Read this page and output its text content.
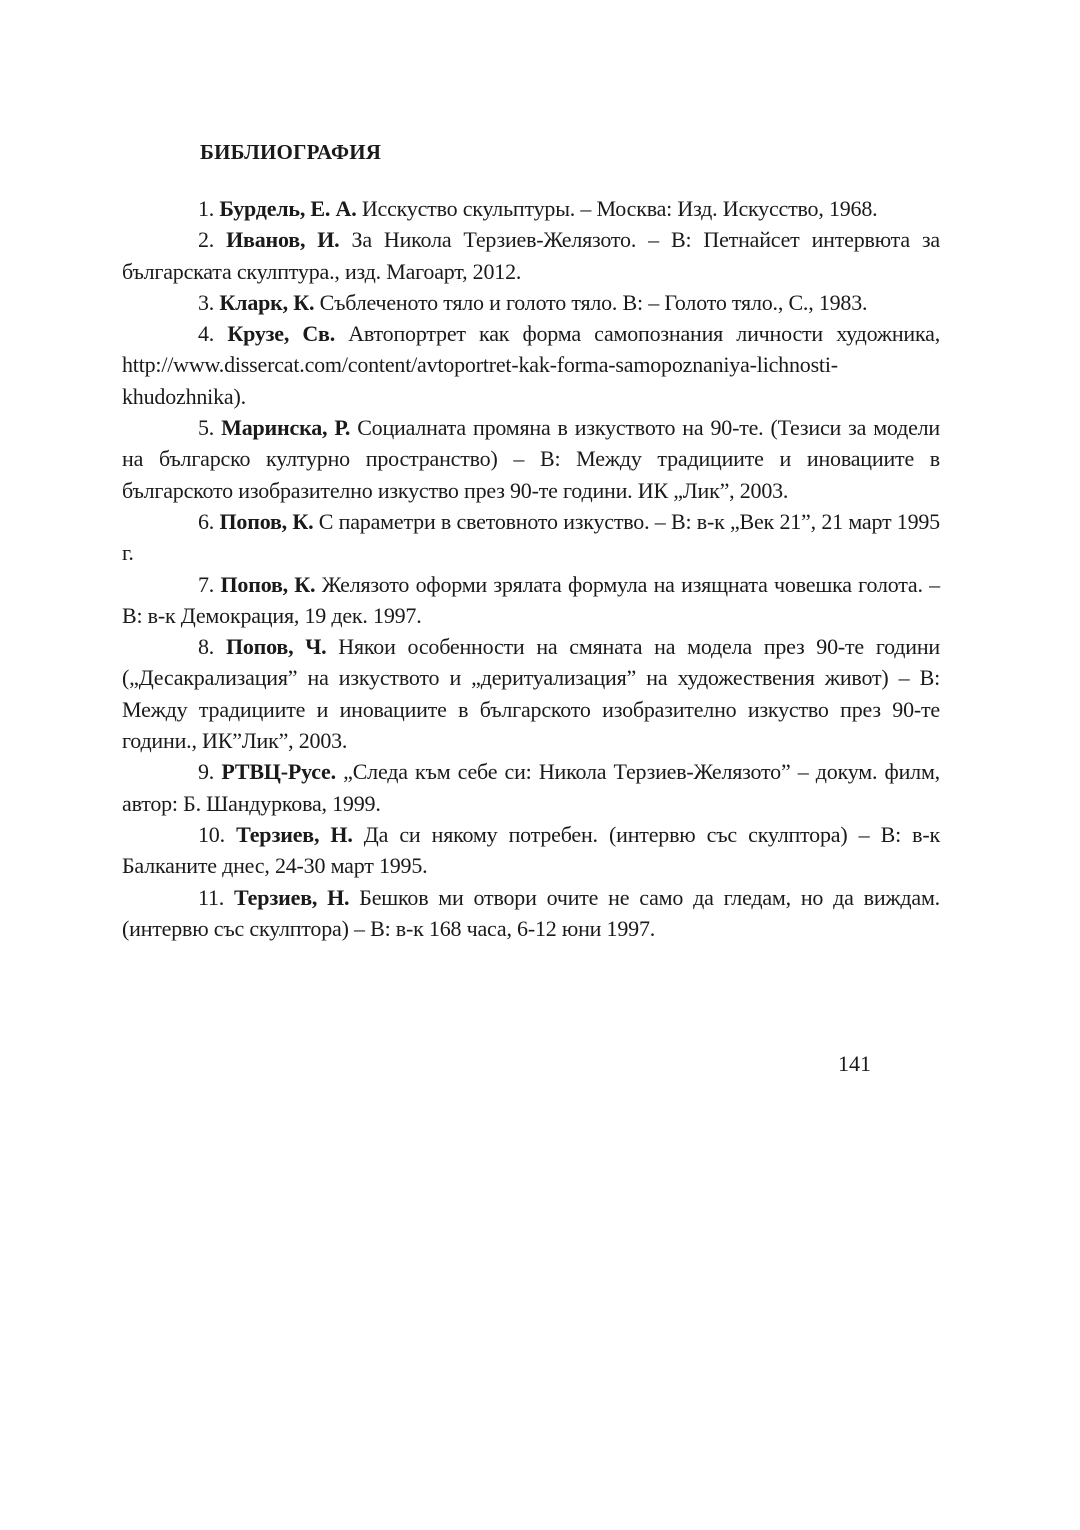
БИБЛИОГРАФИЯ
1. Бурдель, Е. А. Исскуство скульптуры. – Москва: Изд. Искусство, 1968.
2. Иванов, И. За Никола Терзиев-Желязото. – В: Петнайсет интервюта за българската скулптура., изд. Магоарт, 2012.
3. Кларк, К. Съблеченото тяло и голото тяло. В: – Голото тяло., С., 1983.
4. Крузе, Св. Автопортрет как форма самопознания личности художника, http://www.dissercat.com/content/avtoportret-kak-forma-samopoznaniya-lichnosti-khudozhnika).
5. Маринска, Р. Социалната промяна в изкуството на 90-те. (Тезиси за модели на българско културно пространство) – В: Между традициите и иновациите в българското изобразително изкуство през 90-те години. ИК „Лик”, 2003.
6. Попов, К. С параметри в световното изкуство. – В: в-к „Век 21”, 21 март 1995 г.
7. Попов, К. Желязото оформи зрялата формула на изящната човешка голота. – В: в-к Демокрация, 19 дек. 1997.
8. Попов, Ч. Някои особенности на смяната на модела през 90-те години („Десакрализация” на изкуството и „деритуализация” на художествения живот) – В: Между традициите и иновациите в българското изобразително изкуство през 90-те години., ИК”Лик”, 2003.
9. РТВЦ-Русе. „Следа към себе си: Никола Терзиев-Желязото” – докум. филм, автор: Б. Шандуркова, 1999.
10. Терзиев, Н. Да си някому потребен. (интервю със скулптора) – В: в-к Балканите днес, 24-30 март 1995.
11. Терзиев, Н. Бешков ми отвори очите не само да гледам, но да виждам. (интервю със скулптора) – В: в-к 168 часа, 6-12 юни 1997.
141
